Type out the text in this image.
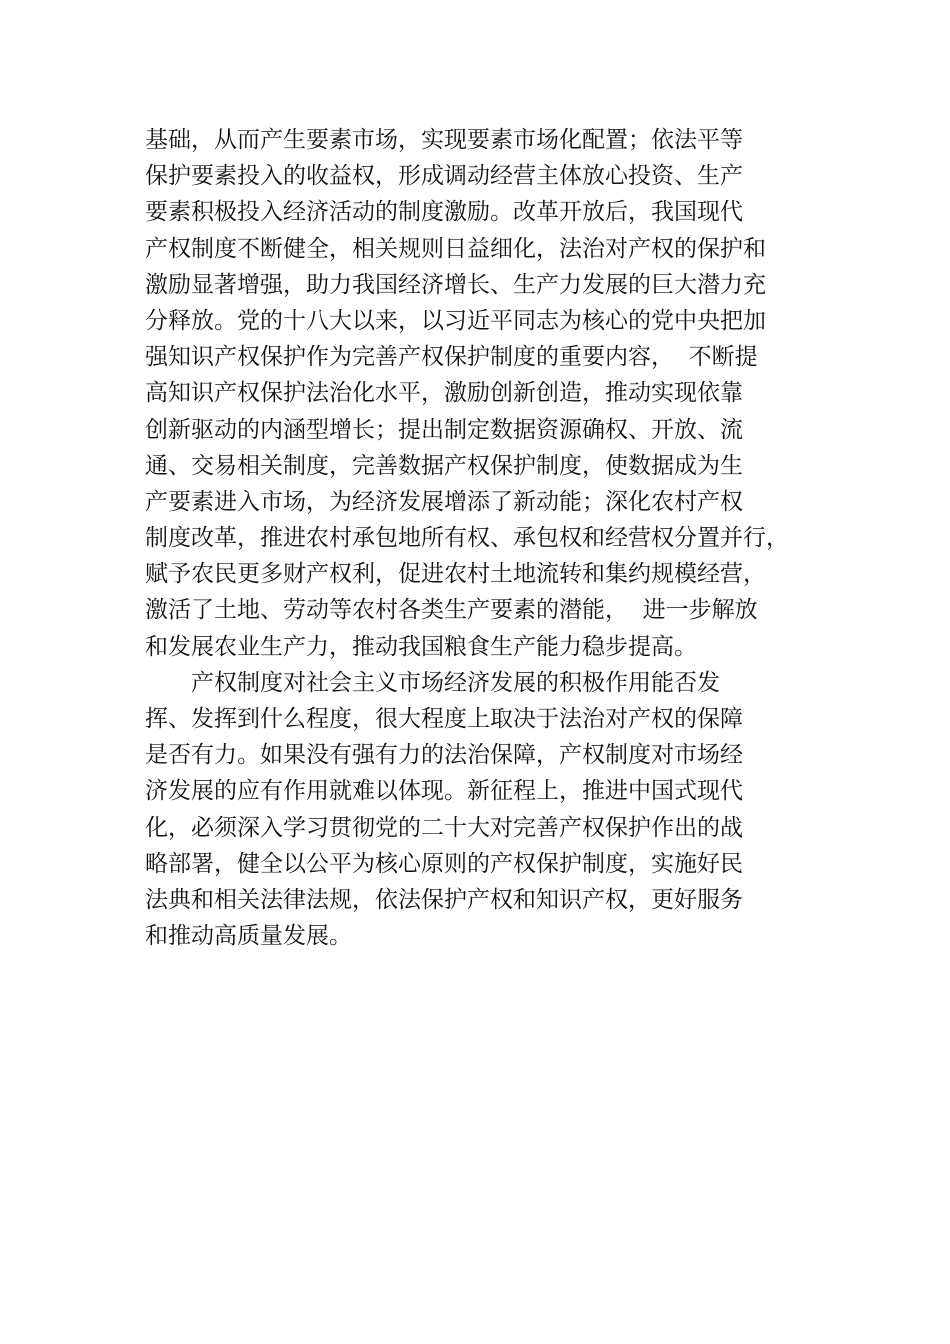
基础，从而产生要素市场，实现要素市场化配置；依法平等
保护要素投入的收益权，形成调动经营主体放心投资、生产
要素积极投入经济活动的制度激励。改革开放后，我国现代
产权制度不断健全，相关规则日益细化，法治对产权的保护和
激励显著增强，助力我国经济增长、生产力发展的巨大潜力充
分释放。党的十八大以来，以习近平同志为核心的党中央把加
强知识产权保护作为完善产权保护制度的重要内容，  不断提
高知识产权保护法治化水平，激励创新创造，推动实现依靠
创新驱动的内涵型增长；提出制定数据资源确权、开放、流
通、交易相关制度，完善数据产权保护制度，使数据成为生
产要素进入市场，为经济发展增添了新动能；深化农村产权
制度改革，推进农村承包地所有权、承包权和经营权分置并行，
赋予农民更多财产权利，促进农村土地流转和集约规模经营，
激活了土地、劳动等农村各类生产要素的潜能，  进一步解放
和发展农业生产力，推动我国粮食生产能力稳步提高。
产权制度对社会主义市场经济发展的积极作用能否发
挥、发挥到什么程度，很大程度上取决于法治对产权的保障
是否有力。如果没有强有力的法治保障，产权制度对市场经
济发展的应有作用就难以体现。新征程上，推进中国式现代
化，必须深入学习贯彻党的二十大对完善产权保护作出的战
略部署，健全以公平为核心原则的产权保护制度，实施好民
法典和相关法律法规，依法保护产权和知识产权，更好服务
和推动高质量发展。
